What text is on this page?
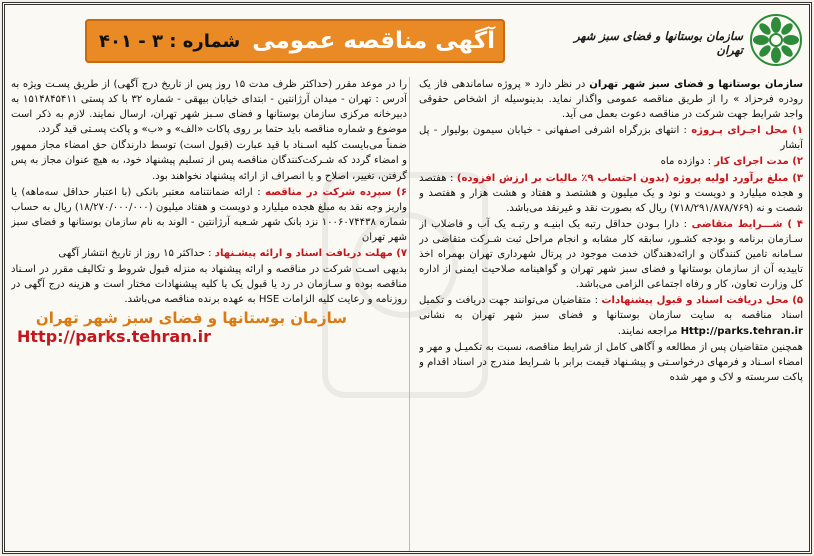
سازمان بوستانها و فضای سبز شهر تهران
شماره : ۳ - ۴۰۱ آگهی مناقصه عمومی

سازمان بوستانها و فضای سبز شهر تهران در نظر دارد « پروژه ساماندهی فاز یک رودره فرحزاد » را از طریق مناقصه عمومی واگذار نماید. بدینوسیله از اشخاص حقوقی واجد شرایط جهت شرکت در مناقصه دعوت بعمل می آید.

۱) محل اجـرای پـروژه : انتهای بزرگراه اشرفی اصفهانی - خیابان سیمون بولیوار - پل آبشار

۲) مدت اجرای کار : دوازده ماه

۳) مبلغ برآورد اولیه پروژه (بدون احتساب ۹٪ مالیات بر ارزش افزوده) : هفتصد و هجده میلیارد و دویست و نود و یک میلیون و هشتصد و هفتاد و هشت هزار و هفتصد و شصت و نه (۷۱۸/۲۹۱/۸۷۸/۷۶۹) ریال که بصورت نقد و غیرنقد می‌باشد.

۴ ) شـــرایط متقاضی : دارا بـودن حداقل رتبه یک ابنیـه و رتبـه یک آب و فاضلاب از سـازمان برنامه و بودجه کشـور، سابقه کار مشابه و انجام مراحل ثبت شـرکت متقاضی در سـامانه تامین کنندگان و ارائه‌دهندگان خدمت موجود در پرتال شهرداری تهران بهمراه اخذ تاییدیه آن از سازمان بوستانها و فضای سبز شهر تهران و گواهینامه صلاحیت ایمنی از اداره کل وزارت تعاون، کار و رفاه اجتماعی الزامی می‌باشد.

۵) محل دریافت اسناد و قبول پیشنهادات : متقاضیان می‌توانند جهت دریافت و تکمیل اسناد مناقصه به سایت سازمان بوستانها و فضای سبز شهر تهران به نشانی Http://parks.tehran.ir مراجعه نمایند.

همچنین متقاضیان پس از مطالعه و آگاهی کامل از شرایط مناقصه، نسبت به تکمیـل و مهر و امضاء اسـناد و فرمهای درخواسـتی و پیشـنهاد قیمت برابر با شـرایط مندرج در اسناد اقدام و پاکت سربسته و لاک و مهر شده

را در موعد مقرر (حداکثر ظرف مدت ۱۵ روز پس از تاریخ درج آگهی) از طریق پسـت ویژه به آدرس : تهران - میدان آرژانتین - ابتدای خیابان بیهقی - شماره ۳۲ با کد پستی ۱۵۱۴۸۴۵۴۱۱ به دبیرخانه مرکزی سازمان بوستانها و فضای سـبز شهر تهران، ارسال نمایند. لازم به ذکر است موضوع و شماره مناقصه باید حتما بر روی پاکات «الف» و «ب» و پاکت پسـتی قید گردد.

ضمناً می‌بایست کلیه اسـناد با قید عبارت (قبول است) توسط دارندگان حق امضاء مجاز ممهور و امضاء گردد که شـرکت‌کنندگان مناقصه پس از تسلیم پیشنهاد خود، به هیچ عنوان مجاز به پس گرفتن، تغییر، اصلاح و یا انصراف از ارائه پیشنهاد نخواهند بود.

۶) سپرده شرکت در مناقصه : ارائه ضمانتنامه معتبر بانکی (با اعتبار حداقل سه‌ماهه) یا واریز وجه نقد به مبلغ هجده میلیارد و دویست و هفتاد میلیون (۱۸/۲۷۰/۰۰۰/۰۰۰) ریال به حساب شماره ۱۰۰۶۰۷۴۴۳۸ نزد بانک شهر شـعبه آرژانتین - الوند به نام سازمان بوستانها و فضای سبز شهر تهران

۷) مهلت دریافت اسناد و ارائه پیشـنهاد : حداکثر ۱۵ روز از تاریخ انتشار آگهی

بدیهی اسـت شرکت در مناقصه و ارائه پیشنهاد به منزله قبول شروط و تکالیف مقرر در اسـناد مناقصه بوده و سـازمان در رد یا قبول یک یا کلیه پیشنهادات مختار است و هزینه درج آگهی در روزنامه و رعایت کلیه الزامات HSE به عهده برنده مناقصه می‌باشد.

سازمان بوستانها و فضای سبز شهر تهران
Http://parks.tehran.ir
